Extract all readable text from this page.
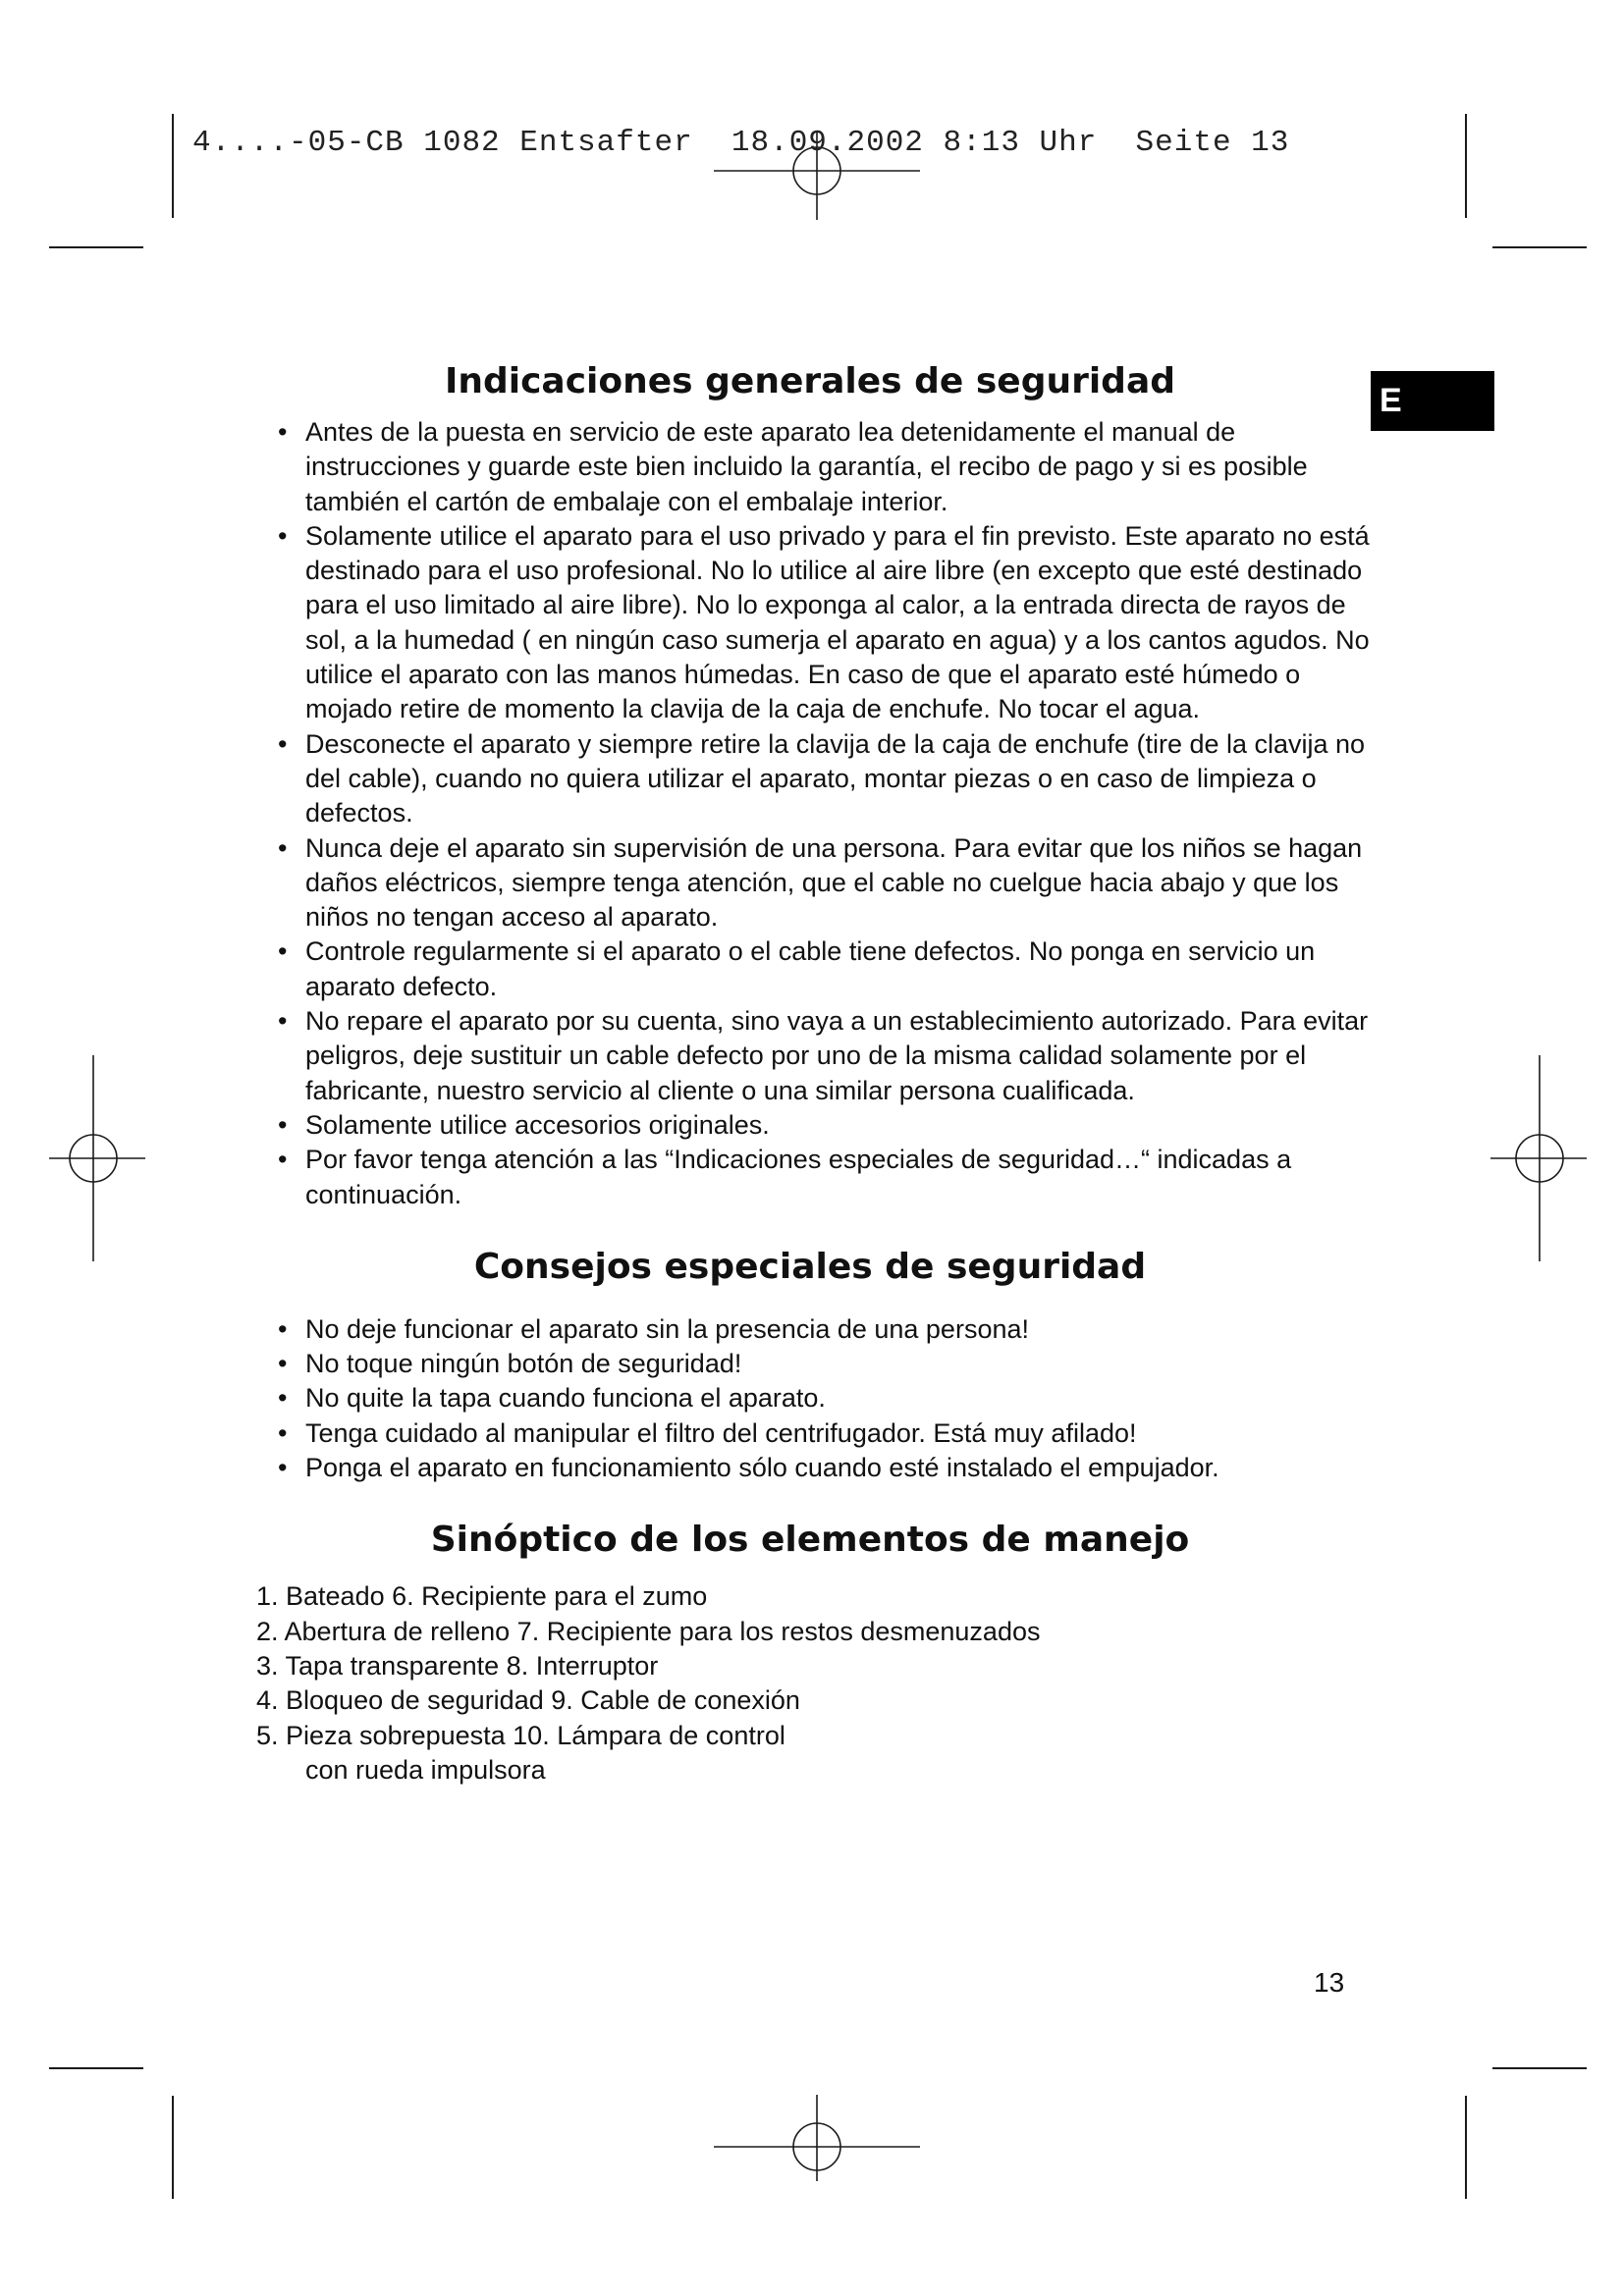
4....-05-CB 1082 Entsafter  18.09.2002 8:13 Uhr  Seite 13
E
Indicaciones generales de seguridad
• Antes de la puesta en servicio de este aparato lea detenidamente el manual de instrucciones y guarde este bien incluido la garantía, el recibo de pago y si es posible también el cartón de embalaje con el embalaje interior.
• Solamente utilice el aparato para el uso privado y para el fin previsto. Este aparato no está destinado para el uso profesional. No lo utilice al aire libre (en excepto que esté destinado para el uso limitado al aire libre). No lo exponga al calor, a la entrada directa de rayos de sol, a la humedad ( en ningún caso sumerja el aparato en agua) y a los cantos agudos. No utilice el aparato con las manos húmedas. En caso de que el aparato esté húmedo o mojado retire de momento la clavija de la caja de enchufe. No tocar el agua.
• Desconecte el aparato y siempre retire la clavija de la caja de enchufe (tire de la clavija no del cable), cuando no quiera utilizar el aparato, montar piezas o en caso de limpieza o defectos.
• Nunca deje el aparato sin supervisión de una persona. Para evitar que los niños se hagan daños eléctricos, siempre tenga atención, que el cable no cuelgue hacia abajo y que los niños no tengan acceso al aparato.
• Controle regularmente si el aparato o el cable tiene defectos. No ponga en servicio un aparato defecto.
• No repare el aparato por su cuenta, sino vaya a un establecimiento autorizado. Para evitar peligros, deje sustituir un cable defecto por uno de la misma calidad solamente por el fabricante, nuestro servicio al cliente o una similar persona cualificada.
• Solamente utilice accesorios originales.
• Por favor tenga atención a las “Indicaciones especiales de seguridad…“ indicadas a continuación.
Consejos especiales de seguridad
• No deje funcionar el aparato sin la presencia de una persona!
• No toque ningún botón de seguridad!
• No quite la tapa cuando funciona el aparato.
• Tenga cuidado al manipular el filtro del centrifugador. Está muy afilado!
• Ponga el aparato en funcionamiento sólo cuando esté instalado el empujador.
Sinóptico de los elementos de manejo
1. Bateado 6. Recipiente para el zumo
2. Abertura de relleno 7. Recipiente para los restos desmenuzados
3. Tapa transparente 8. Interruptor
4. Bloqueo de seguridad 9. Cable de conexión
5. Pieza sobrepuesta 10. Lámpara de control
con rueda impulsora
13
